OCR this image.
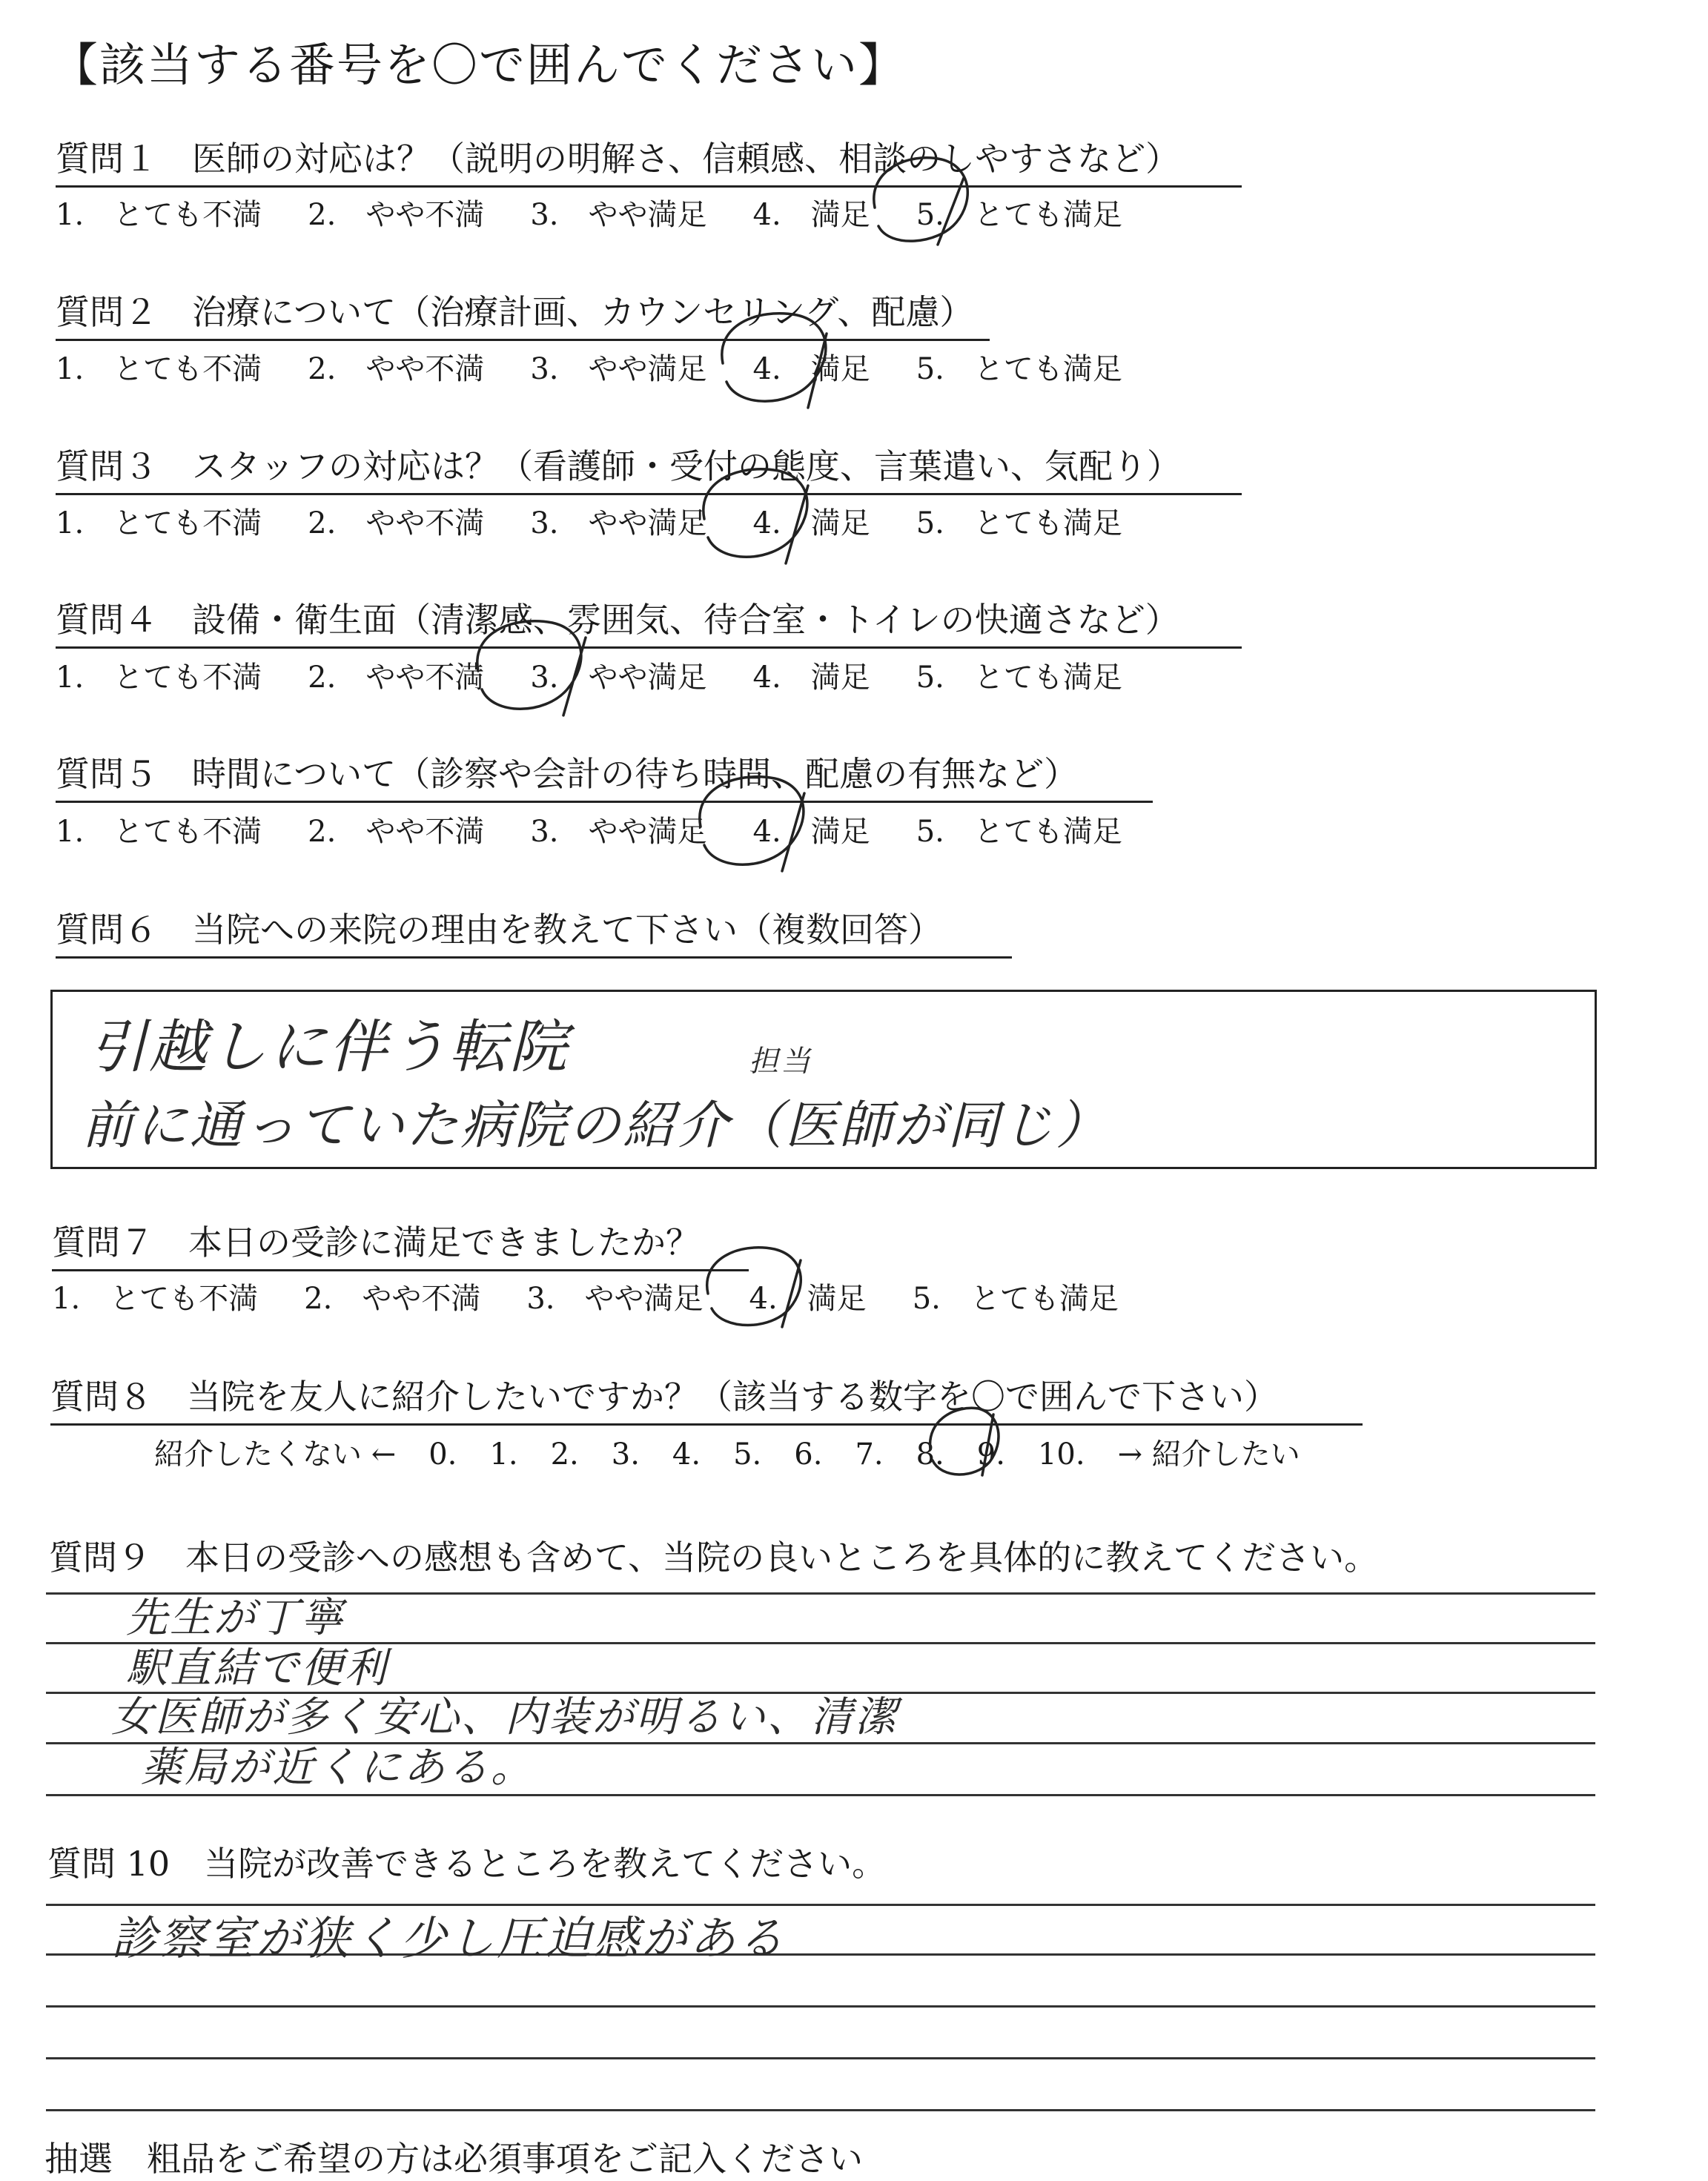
【該当する番号を〇で囲んでください】
質問１　 医師の対応は？（説明の明解さ、信頼感、相談のしやすさなど）
1.　とても不満 2.　やや不満 3.　やや満足 4.　満足 5.　とても満足
質問２　 治療について（治療計画、カウンセリング、配慮）
1.　とても不満 2.　やや不満 3.　やや満足 4.　満足 5.　とても満足
質問３　 スタッフの対応は？（看護師・受付の態度、言葉遣い、気配り）
1.　とても不満 2.　やや不満 3.　やや満足 4.　満足 5.　とても満足
質問４　 設備・衛生面（清潔感、雰囲気、待合室・トイレの快適さなど）
1.　とても不満 2.　やや不満 3.　やや満足 4.　満足 5.　とても満足
質問５　 時間について（診察や会計の待ち時間、配慮の有無など）
1.　とても不満 2.　やや不満 3.　やや満足 4.　満足 5.　とても満足
質問６　 当院への来院の理由を教えて下さい（複数回答）
引越しに伴う転院	担当
前に通っていた病院の紹介（医師が同じ）
質問７　 本日の受診に満足できましたか？
1.　とても不満 2.　やや不満 3.　やや満足 4.　満足 5.　とても満足
質問８　 当院を友人に紹介したいですか？（該当する数字を〇で囲んで下さい）
紹介したくない ← 0. 1. 2. 3. 4. 5. 6. 7. 8. 9. 10. → 紹介したい
質問９　 本日の受診への感想も含めて、当院の良いところを具体的に教えてください。
先生が丁寧
駅直結で便利
女医師が多く安心、内装が明るい、清潔
薬局が近くにある。
質問 10　 当院が改善できるところを教えてください。
診察室が狭く少し圧迫感がある
抽選　粗品をご希望の方は必須事項をご記入ください
